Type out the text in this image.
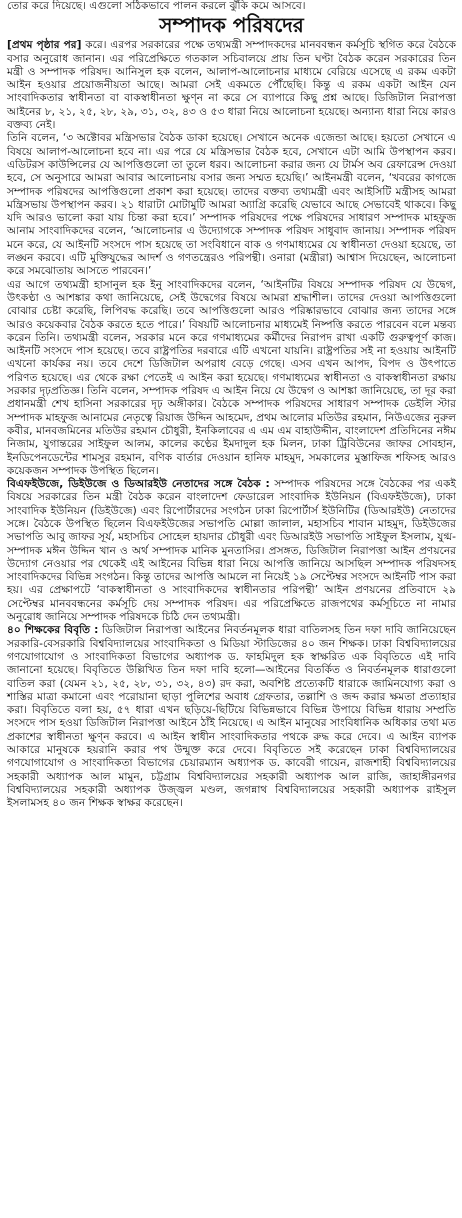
তোর করে দিয়েছে। এগুলো সঠিকভাবে পালন করলে ঝুঁকি কমে আসবে।

সম্পাদক পরিষদের

[প্রথম পৃষ্ঠার পর] করে। এরপর সরকারের পক্ষে তথ্যমন্ত্রী সম্পাদকদের মানববন্ধন কর্মসূচি স্থগিত করে বৈঠকে বসার অনুরোধ জানান। এর পরিপ্রেক্ষিতে গতকাল সচিবালয়ে প্রায় তিন ঘণ্টা বৈঠক করেন সরকারের তিন মন্ত্রী ও সম্পাদক পরিষদ। আনিসুল হক বলেন, আলাপ-আলোচনার মাধ্যমে বেরিয়ে এসেছে এ রকম একটা আইন হওয়ার প্রয়োজনীয়তা আছে। আমরা সেই একমতে পৌঁছেছি। কিন্তু এ রকম একটা আইন যেন সাংবাদিকতার স্বাধীনতা বা বাকস্বাধীনতা ক্ষুণ্ন না করে সে ব্যাপারে কিছু প্রশ্ন আছে। ডিজিটাল নিরাপত্তা আইনের ৮, ২১, ২৫, ২৮, ২৯, ৩১, ৩২, ৪৩ ও ৫৩ ধারা নিয়ে আলোচনা হয়েছে। অন্যান্য ধারা নিয়ে কারও বক্তব্য নেই।

তিনি বলেন, ‘৩ অক্টোবর মন্ত্রিসভার বৈঠক ডাকা হয়েছে। সেখানে অনেক এজেন্ডা আছে। হয়তো সেখানে এ বিষয়ে আলাপ-আলোচনা হবে না। এর পরে যে মন্ত্রিসভার বৈঠক হবে, সেখানে এটা আমি উপস্থাপন করব। এডিটরস কাউন্সিলের যে আপত্তিগুলো তা তুলে ধরব। আলোচনা করার জন্য যে টার্মস অব রেফারেন্স দেওয়া হবে, সে অনুসারে আমরা আবার আলোচনায় বসার জন্য সম্মত হয়েছি।’ আইনমন্ত্রী বলেন, ‘খবরের কাগজে সম্পাদক পরিষদের আপত্তিগুলো প্রকাশ করা হয়েছে। তাদের বক্তব্য তথ্যমন্ত্রী এবং আইসিটি মন্ত্রীসহ আমরা মন্ত্রিসভায় উপস্থাপন করব। ২১ ধারাটা মোটামুটি আমরা অ্যাগ্রি করেছি যেভাবে আছে সেভাবেই থাকবে। কিছু যদি আরও ভালো করা যায় চিন্তা করা হবে।’ সম্পাদক পরিষদের পক্ষে পরিষদের সাধারণ সম্পাদক মাহফুজ আনাম সাংবাদিকদের বলেন, ‘আলোচনার এ উদ্যোগকে সম্পাদক পরিষদ সাধুবাদ জানায়। সম্পাদক পরিষদ মনে করে, যে আইনটি সংসদে পাস হয়েছে তা সংবিধানে বাক ও গণমাধ্যমের যে স্বাধীনতা দেওয়া হয়েছে, তা লঙ্ঘন করবে। এটি মুক্তিযুদ্ধের আদর্শ ও গণতন্ত্রেরও পরিপন্থী। ওনারা (মন্ত্রীরা) আশ্বাস দিয়েছেন, আলোচনা করে সমঝোতায় আসতে পারবেন।’

এর আগে তথ্যমন্ত্রী হাসানুল হক ইনু সাংবাদিকদের বলেন, ‘আইনটির বিষয়ে সম্পাদক পরিষদ যে উদ্বেগ, উৎকণ্ঠা ও আশঙ্কার কথা জানিয়েছে, সেই উদ্বেগের বিষয়ে আমরা শ্রদ্ধাশীল। তাদের দেওয়া আপত্তিগুলো বোঝার চেষ্টা করেছি, লিপিবদ্ধ করেছি। তবে আপত্তিগুলো আরও পরিষ্কারভাবে বোঝার জন্য তাদের সঙ্গে আরও কয়েকবার বৈঠক করতে হতে পারে।’ বিষয়টি আলোচনার মাধ্যমেই নিষ্পত্তি করতে পারবেন বলে মন্তব্য করেন তিনি। তথ্যমন্ত্রী বলেন, সরকার মনে করে গণমাধ্যমের কর্মীদের নিরাপদ রাখা একটি গুরুত্বপূর্ণ কাজ। আইনটি সংসদে পাস হয়েছে। তবে রাষ্ট্রপতির দরবারে এটি এখনো যায়নি। রাষ্ট্রপতির সই না হওয়ায় আইনটি এখনো কার্যকর নয়। তবে দেশে ডিজিটাল অপরাধ বেড়ে গেছে। এসব এখন আপদ, বিপদ ও উৎপাতে পরিণত হয়েছে। এর থেকে রক্ষা পেতেই এ আইন করা হয়েছে। গণমাধ্যমের স্বাধীনতা ও বাকস্বাধীনতা রক্ষায় সরকার দৃঢ়প্রতিজ্ঞ। তিনি বলেন, সম্পাদক পরিষদ এ আইন নিয়ে যে উদ্বেগ ও আশঙ্কা জানিয়েছে, তা দূর করা প্রধানমন্ত্রী শেখ হাসিনা সরকারের দৃঢ় অঙ্গীকার। বৈঠকে সম্পাদক পরিষদের সাধারণ সম্পাদক ডেইলি স্টার সম্পাদক মাহফুজ আনামের নেতৃত্বে রিয়াজ উদ্দিন আহমেদ, প্রথম আলোর মতিউর রহমান, নিউএজের নুরুল কবীর, মানবজমিনের মতিউর রহমান চৌধুরী, ইনকিলাবের এ এম এম বাহাউদ্দীন, বাংলাদেশ প্রতিদিনের নঈম নিজাম, যুগান্তরের সাইফুল আলম, কালের কণ্ঠের ইমদাদুল হক মিলন, ঢাকা ট্রিবিউনের জাফর সোবহান, ইনডিপেনডেন্টের শামসুর রহমান, বণিক বার্তার দেওয়ান হানিফ মাহমুদ, সমকালের মুস্তাফিজ শফিসহ আরও কয়েকজন সম্পাদক উপস্থিত ছিলেন।

বিএফইউজে, ডিইউজে ও ডিআরইউ নেতাদের সঙ্গে বৈঠক : সম্পাদক পরিষদের সঙ্গে বৈঠকের পর একই বিষয়ে সরকারের তিন মন্ত্রী বৈঠক করেন বাংলাদেশ ফেডারেল সাংবাদিক ইউনিয়ন (বিএফইউজে), ঢাকা সাংবাদিক ইউনিয়ন (ডিইউজে) এবং রিপোর্টারদের সংগঠন ঢাকা রিপোর্টার্স ইউনিটির (ডিআরইউ) নেতাদের সঙ্গে। বৈঠকে উপস্থিত ছিলেন বিএফইউজের সভাপতি মোল্লা জালাল, মহাসচিব শাবান মাহমুদ, ডিইউজের সভাপতি আবু জাফর সূর্য, মহাসচিব সোহেল হায়দার চৌধুরী এবং ডিআরইউ সভাপতি সাইফুল ইসলাম, যুগ্ম-সম্পাদক মঈন উদ্দিন খান ও অর্থ সম্পাদক মানিক মুনতাসির। প্রসঙ্গত, ডিজিটাল নিরাপত্তা আইন প্রণয়নের উদ্যোগ নেওয়ার পর থেকেই এই আইনের বিভিন্ন ধারা নিয়ে আপত্তি জানিয়ে আসছিল সম্পাদক পরিষদসহ সাংবাদিকদের বিভিন্ন সংগঠন। কিন্তু তাদের আপত্তি আমলে না নিয়েই ১৯ সেপ্টেম্বর সংসদে আইনটি পাস করা হয়। এর প্রেক্ষাপটে ‘বাকস্বাধীনতা ও সাংবাদিকদের স্বাধীনতার পরিপন্থী’ আইন প্রণয়নের প্রতিবাদে ২৯ সেপ্টেম্বর মানববন্ধনের কর্মসূচি দেয় সম্পাদক পরিষদ। এর পরিপ্রেক্ষিতে রাজপথের কর্মসূচিতে না নামার অনুরোধ জানিয়ে সম্পাদক পরিষদকে চিঠি দেন তথ্যমন্ত্রী।

৪০ শিক্ষকের বিবৃতি : ডিজিটাল নিরাপত্তা আইনের নিবর্তনমূলক ধারা বাতিলসহ তিন দফা দাবি জানিয়েছেন সরকারি-বেসরকারি বিশ্ববিদ্যালয়ের সাংবাদিকতা ও মিডিয়া স্টাডিজের ৪০ জন শিক্ষক। ঢাকা বিশ্ববিদ্যালয়ের গণযোগাযোগ ও সাংবাদিকতা বিভাগের অধ্যাপক ড. ফাহমিদুল হক স্বাক্ষরিত এক বিবৃতিতে এই দাবি জানানো হয়েছে। বিবৃতিতে উল্লিখিত তিন দফা দাবি হলো—আইনের বিতর্কিত ও নিবর্তনমূলক ধারাগুলো বাতিল করা (যেমন ২১, ২৫, ২৮, ৩১, ৩২, ৪৩) রদ করা, অবশিষ্ট প্রত্যেকটি ধারাকে জামিনযোগ্য করা ও শাস্তির মাত্রা কমানো এবং পরোয়ানা ছাড়া পুলিশের অবাধ গ্রেফতার, তল্লাশি ও জব্দ করার ক্ষমতা প্রত্যাহার করা। বিবৃতিতে বলা হয়, ৫৭ ধারা এখন ছড়িয়ে-ছিটিয়ে বিভিন্নভাবে বিভিন্ন উপায়ে বিভিন্ন ধারায় সম্প্রতি সংসদে পাস হওয়া ডিজিটাল নিরাপত্তা আইনে ঠাঁই নিয়েছে। এ আইন মানুষের সাংবিধানিক অধিকার তথা মত প্রকাশের স্বাধীনতা ক্ষুণ্ন করবে। এ আইন স্বাধীন সাংবাদিকতার পথকে রুদ্ধ করে দেবে। এ আইন ব্যাপক আকারে মানুষকে হয়রানি করার পথ উন্মুক্ত করে দেবে। বিবৃতিতে সই করেছেন ঢাকা বিশ্ববিদ্যালয়ের গণযোগাযোগ ও সাংবাদিকতা বিভাগের চেয়ারম্যান অধ্যাপক ড. কাবেরী গায়েন, রাজশাহী বিশ্ববিদ্যালয়ের সহকারী অধ্যাপক আল মামুন, চট্টগ্রাম বিশ্ববিদ্যালয়ের সহকারী অধ্যাপক আল রাজি, জাহাঙ্গীরনগর বিশ্ববিদ্যালয়ের সহকারী অধ্যাপক উজ্জ্বল মণ্ডল, জগন্নাথ বিশ্ববিদ্যালয়ের সহকারী অধ্যাপক রাইসুল ইসলামসহ ৪০ জন শিক্ষক স্বাক্ষর করেছেন।
